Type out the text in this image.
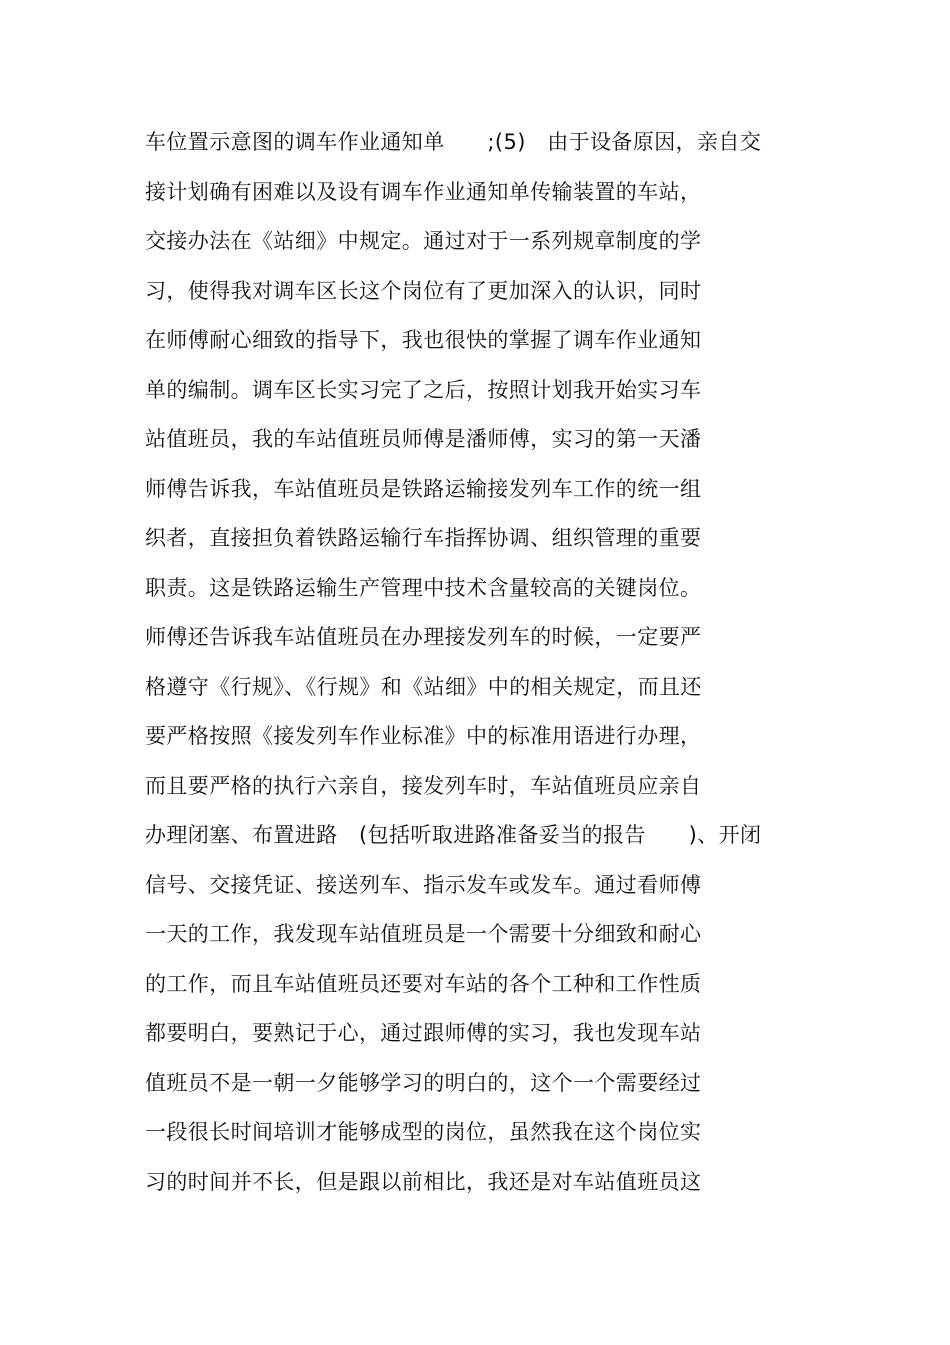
车位置示意图的调车作业通知单　　;(5)　由于设备原因，亲自交
接计划确有困难以及设有调车作业通知单传输装置的车站，
交接办法在《站细》中规定。通过对于一系列规章制度的学
习，使得我对调车区长这个岗位有了更加深入的认识，同时
在师傅耐心细致的指导下，我也很快的掌握了调车作业通知
单的编制。调车区长实习完了之后，按照计划我开始实习车
站值班员，我的车站值班员师傅是潘师傅，实习的第一天潘
师傅告诉我，车站值班员是铁路运输接发列车工作的统一组
织者，直接担负着铁路运输行车指挥协调、组织管理的重要
职责。这是铁路运输生产管理中技术含量较高的关键岗位。
师傅还告诉我车站值班员在办理接发列车的时候，一定要严
格遵守《行规》、《行规》和《站细》中的相关规定，而且还
要严格按照《接发列车作业标准》中的标准用语进行办理，
而且要严格的执行六亲自，接发列车时，车站值班员应亲自
办理闭塞、布置进路　(包括听取进路准备妥当的报告　　)、开闭
信号、交接凭证、接送列车、指示发车或发车。通过看师傅
一天的工作，我发现车站值班员是一个需要十分细致和耐心
的工作，而且车站值班员还要对车站的各个工种和工作性质
都要明白，要熟记于心，通过跟师傅的实习，我也发现车站
值班员不是一朝一夕能够学习的明白的，这个一个需要经过
一段很长时间培训才能够成型的岗位，虽然我在这个岗位实
习的时间并不长，但是跟以前相比，我还是对车站值班员这
